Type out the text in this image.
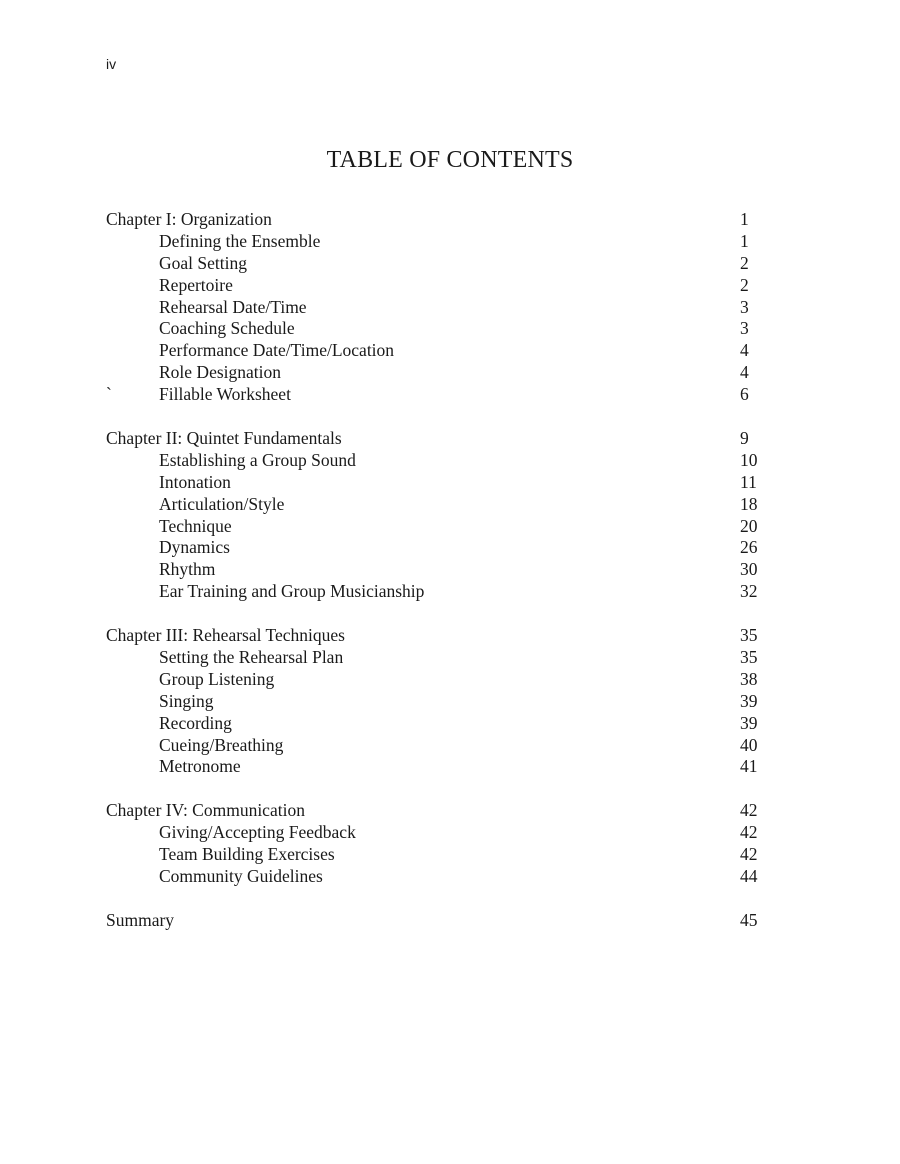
iv
TABLE OF CONTENTS
Chapter I: Organization	1
Defining the Ensemble	1
Goal Setting	2
Repertoire	2
Rehearsal Date/Time	3
Coaching Schedule	3
Performance Date/Time/Location	4
Role Designation	4
`	Fillable Worksheet	6
Chapter II: Quintet Fundamentals	9
Establishing a Group Sound	10
Intonation	11
Articulation/Style	18
Technique	20
Dynamics	26
Rhythm	30
Ear Training and Group Musicianship	32
Chapter III: Rehearsal Techniques	35
Setting the Rehearsal Plan	35
Group Listening	38
Singing	39
Recording	39
Cueing/Breathing	40
Metronome	41
Chapter IV: Communication	42
Giving/Accepting Feedback	42
Team Building Exercises	42
Community Guidelines	44
Summary	45
